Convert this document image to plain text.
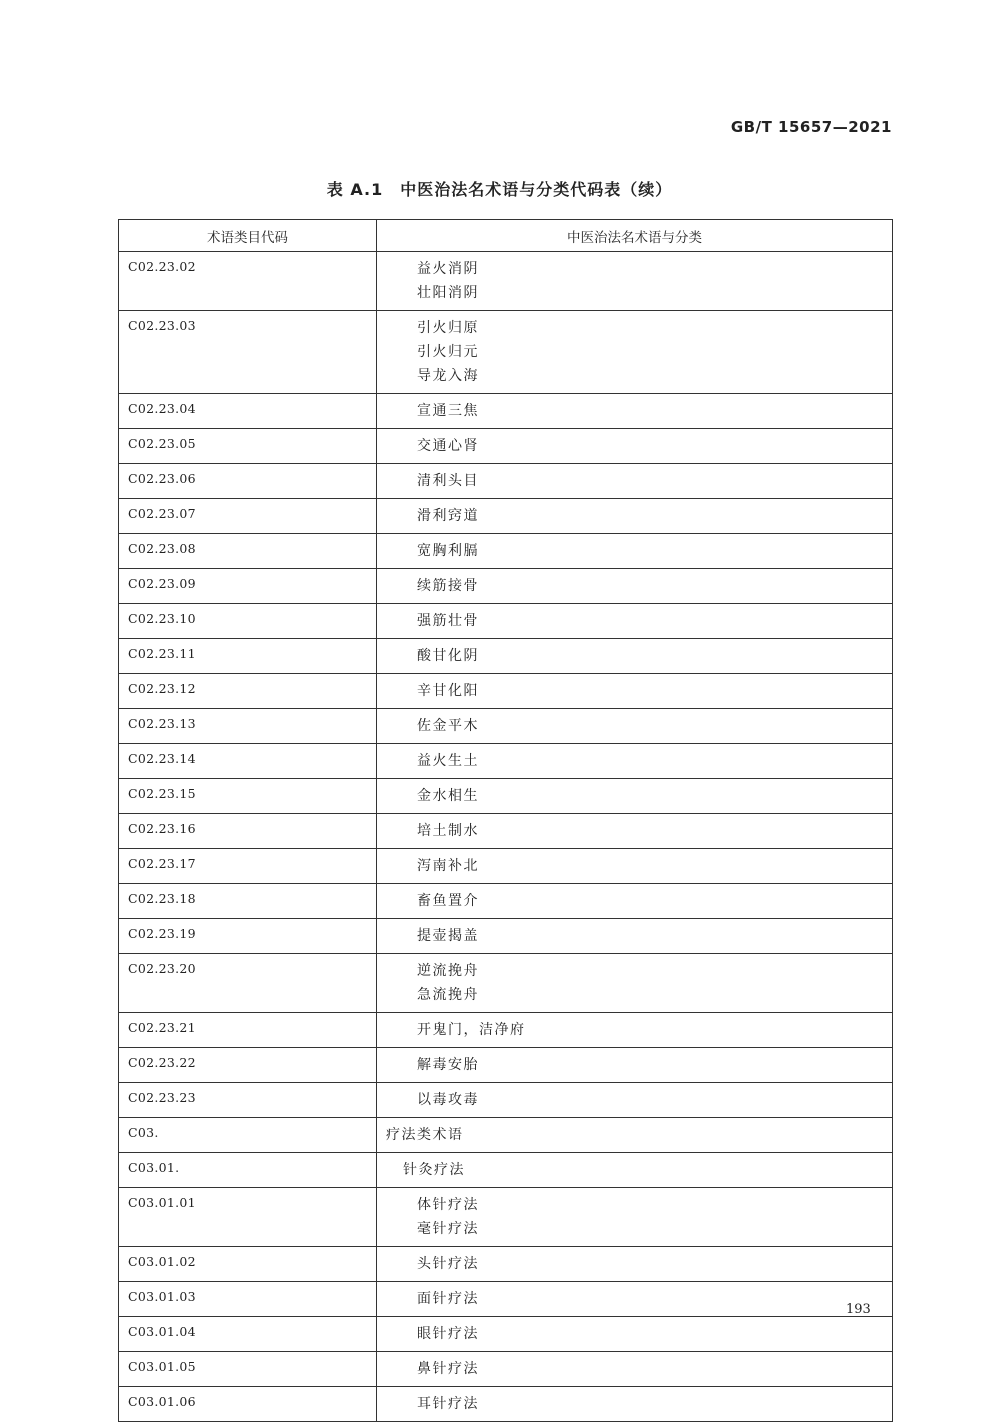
GB/T 15657—2021
表 A.1　中医治法名术语与分类代码表（续）
术语类目代码	中医治法名术语与分类
C02.23.02	益火消阴
壮阳消阴

C02.23.03	引火归原
引火归元
导龙入海

C02.23.04	宣通三焦

C02.23.05	交通心肾

C02.23.06	清利头目

C02.23.07	滑利窍道

C02.23.08	宽胸利膈

C02.23.09	续筋接骨

C02.23.10	强筋壮骨

C02.23.11	酸甘化阴

C02.23.12	辛甘化阳

C02.23.13	佐金平木

C02.23.14	益火生土

C02.23.15	金水相生

C02.23.16	培土制水

C02.23.17	泻南补北

C02.23.18	畜鱼置介

C02.23.19	提壶揭盖

C02.23.20	逆流挽舟
急流挽舟

C02.23.21	开鬼门，洁净府

C02.23.22	解毒安胎

C02.23.23	以毒攻毒

C03.	疗法类术语

C03.01.	针灸疗法

C03.01.01	体针疗法
毫针疗法

C03.01.02	头针疗法

C03.01.03	面针疗法

C03.01.04	眼针疗法

C03.01.05	鼻针疗法

C03.01.06	耳针疗法
193
